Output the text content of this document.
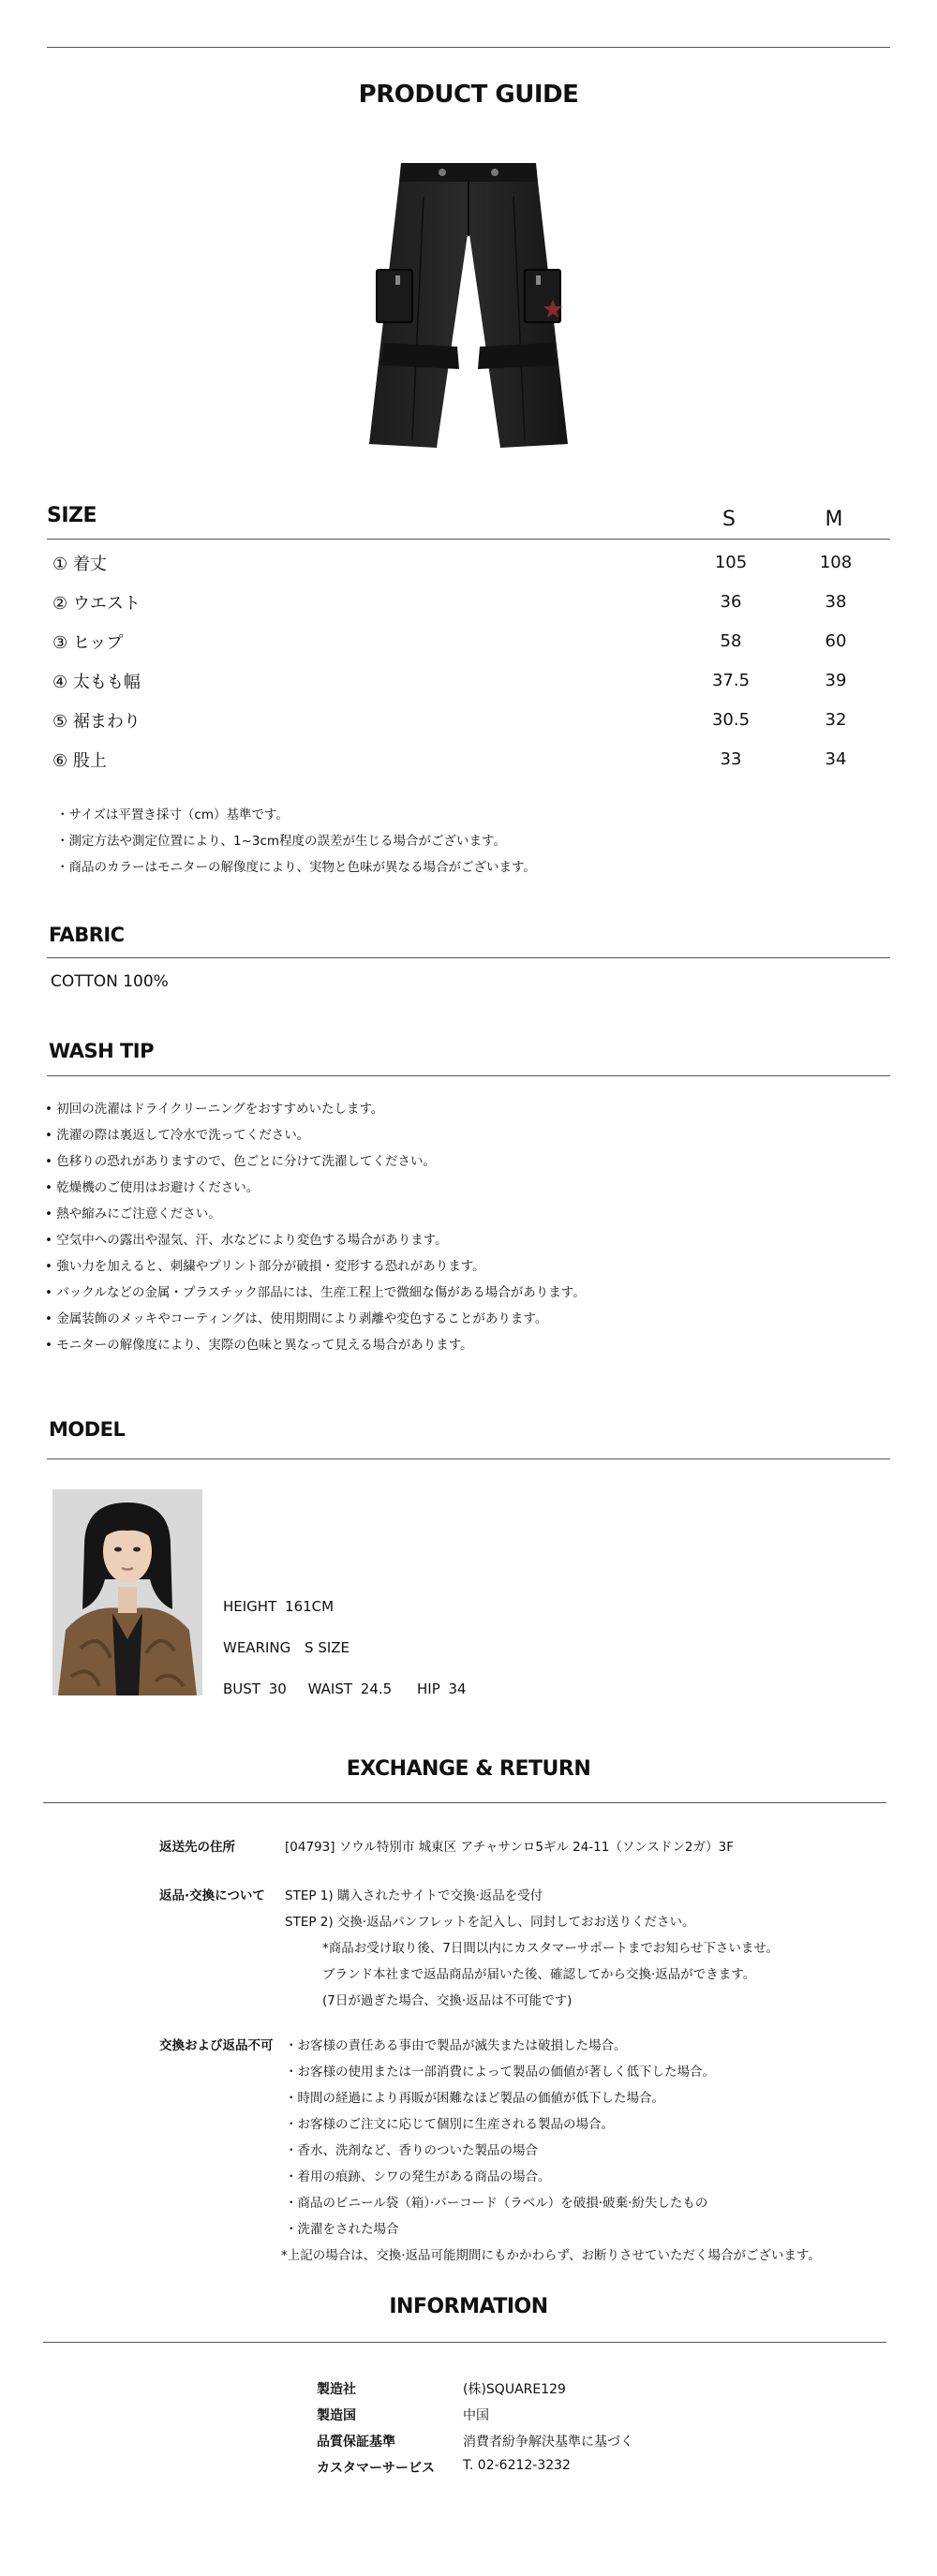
PRODUCT GUIDE
SIZE	S	M
① 着丈	105	108
② ウエスト	36	38
③ ヒップ	58	60
④ 太もも幅	37.5	39
⑤ 裾まわり	30.5	32
⑥ 股上	33	34
・サイズは平置き採寸（cm）基準です。
・測定方法や測定位置により、1~3cm程度の誤差が生じる場合がございます。
・商品のカラーはモニターの解像度により、実物と色味が異なる場合がございます。
FABRIC
COTTON 100%
WASH TIP
• 初回の洗濯はドライクリーニングをおすすめいたします。
• 洗濯の際は裏返して冷水で洗ってください。
• 色移りの恐れがありますので、色ごとに分けて洗濯してください。
• 乾燥機のご使用はお避けください。
• 熱や縮みにご注意ください。
• 空気中への露出や湿気、汗、水などにより変色する場合があります。
• 強い力を加えると、刺繍やプリント部分が破損・変形する恐れがあります。
• バックルなどの金属・プラスチック部品には、生産工程上で微細な傷がある場合があります。
• 金属装飾のメッキやコーティングは、使用期間により剥離や変色することがあります。
• モニターの解像度により、実際の色味と異なって見える場合があります。
MODEL
HEIGHT 161CM
WEARING S SIZE
BUST 30 WAIST 24.5 HIP 34
EXCHANGE & RETURN
返送先の住所	[04793] ソウル特別市 城東区 アチャサンロ5ギル 24-11（ソンスドン2ガ）3F
返品·交換について STEP 1) 購入されたサイトで交換·返品を受付
STEP 2) 交換·返品パンフレットを記入し、同封しておお送りください。
*商品お受け取り後、7日間以内にカスタマーサポートまでお知らせ下さいませ。
ブランド本社まで返品商品が届いた後、確認してから交換·返品ができます。
(7日が過ぎた場合、交換·返品は不可能です)
交換および返品不可 ・お客様の責任ある事由で製品が滅失または破損した場合。
・お客様の使用または一部消費によって製品の価値が著しく低下した場合。
・時間の経過により再販が困難なほど製品の価値が低下した場合。
・お客様のご注文に応じて個別に生産される製品の場合。
・香水、洗剤など、香りのついた製品の場合
・着用の痕跡、シワの発生がある商品の場合。
・商品のビニール袋（箱）·バーコード（ラベル）を破損·破棄·紛失したもの
・洗濯をされた場合
*上記の場合は、交換·返品可能期間にもかかわらず、お断りさせていただく場合がございます。
INFORMATION
製造社	(株)SQUARE129
製造国	中国
品質保証基準	消費者紛争解決基準に基づく
カスタマーサービス T. 02-6212-3232
